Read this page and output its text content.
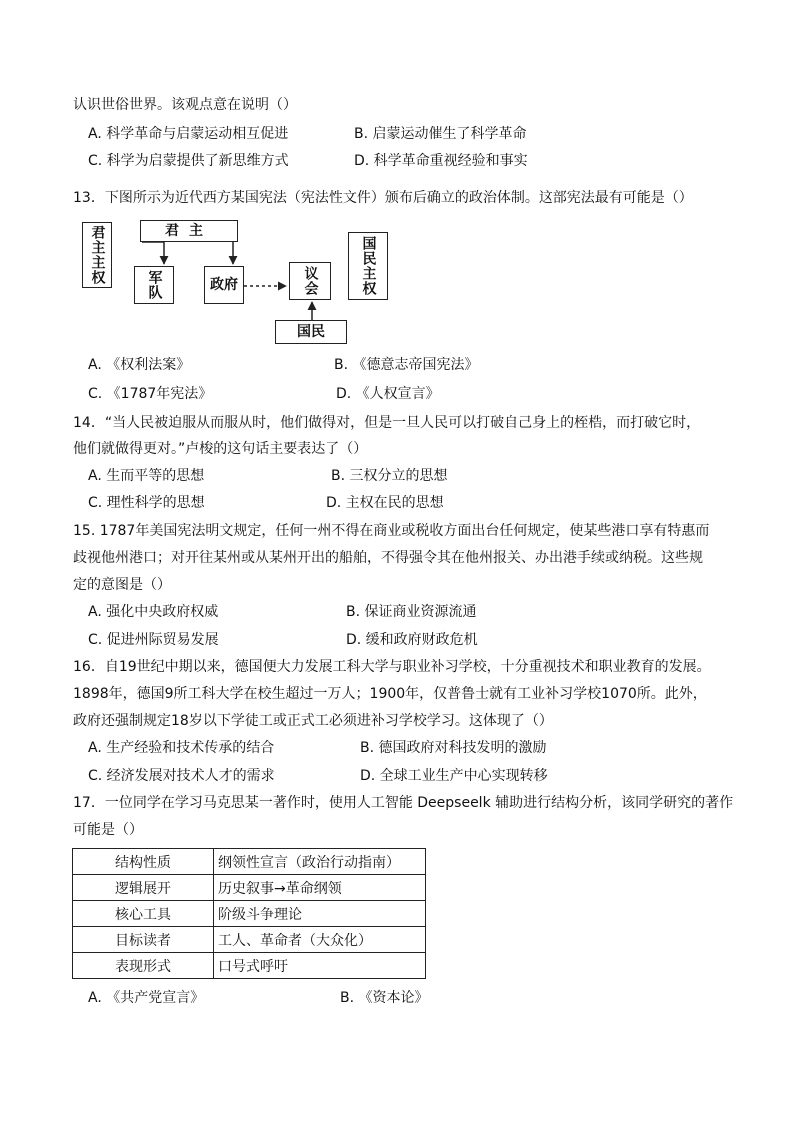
认识世俗世界。该观点意在说明（）
A. 科学革命与启蒙运动相互促进	B. 启蒙运动催生了科学革命
C. 科学为启蒙提供了新思维方式	D. 科学革命重视经验和事实
13．下图所示为近代西方某国宪法（宪法性文件）颁布后确立的政治体制。这部宪法最有可能是（）
君主主权	君主
军队	政府	议会
国民
国民主权
A. 《权利法案》	B. 《德意志帝国宪法》
C. 《1787年宪法》	D. 《人权宣言》
14．“当人民被迫服从而服从时，他们做得对，但是一旦人民可以打破自己身上的桎梏，而打破它时，
他们就做得更对。”卢梭的这句话主要表达了（）
A. 生而平等的思想	B. 三权分立的思想
C. 理性科学的思想	D. 主权在民的思想
15. 1787年美国宪法明文规定，任何一州不得在商业或税收方面出台任何规定，使某些港口享有特惠而
歧视他州港口；对开往某州或从某州开出的船舶，不得强令其在他州报关、办出港手续或纳税。这些规
定的意图是（）
A. 强化中央政府权威	B. 保证商业资源流通
C. 促进州际贸易发展	D. 缓和政府财政危机
16．自19世纪中期以来，德国便大力发展工科大学与职业补习学校，十分重视技术和职业教育的发展。
1898年，德国9所工科大学在校生超过一万人；1900年，仅普鲁士就有工业补习学校1070所。此外，
政府还强制规定18岁以下学徒工或正式工必须进补习学校学习。这体现了（）
A. 生产经验和技术传承的结合	B. 德国政府对科技发明的激励
C. 经济发展对技术人才的需求	D. 全球工业生产中心实现转移
17．一位同学在学习马克思某一著作时，使用人工智能 Deepseelk 辅助进行结构分析，该同学研究的著作
可能是（）
结构性质	纲领性宣言（政治行动指南）
逻辑展开	历史叙事→革命纲领
核心工具	阶级斗争理论
目标读者	工人、革命者（大众化）
表现形式	口号式呼吁
A. 《共产党宣言》	B. 《资本论》
